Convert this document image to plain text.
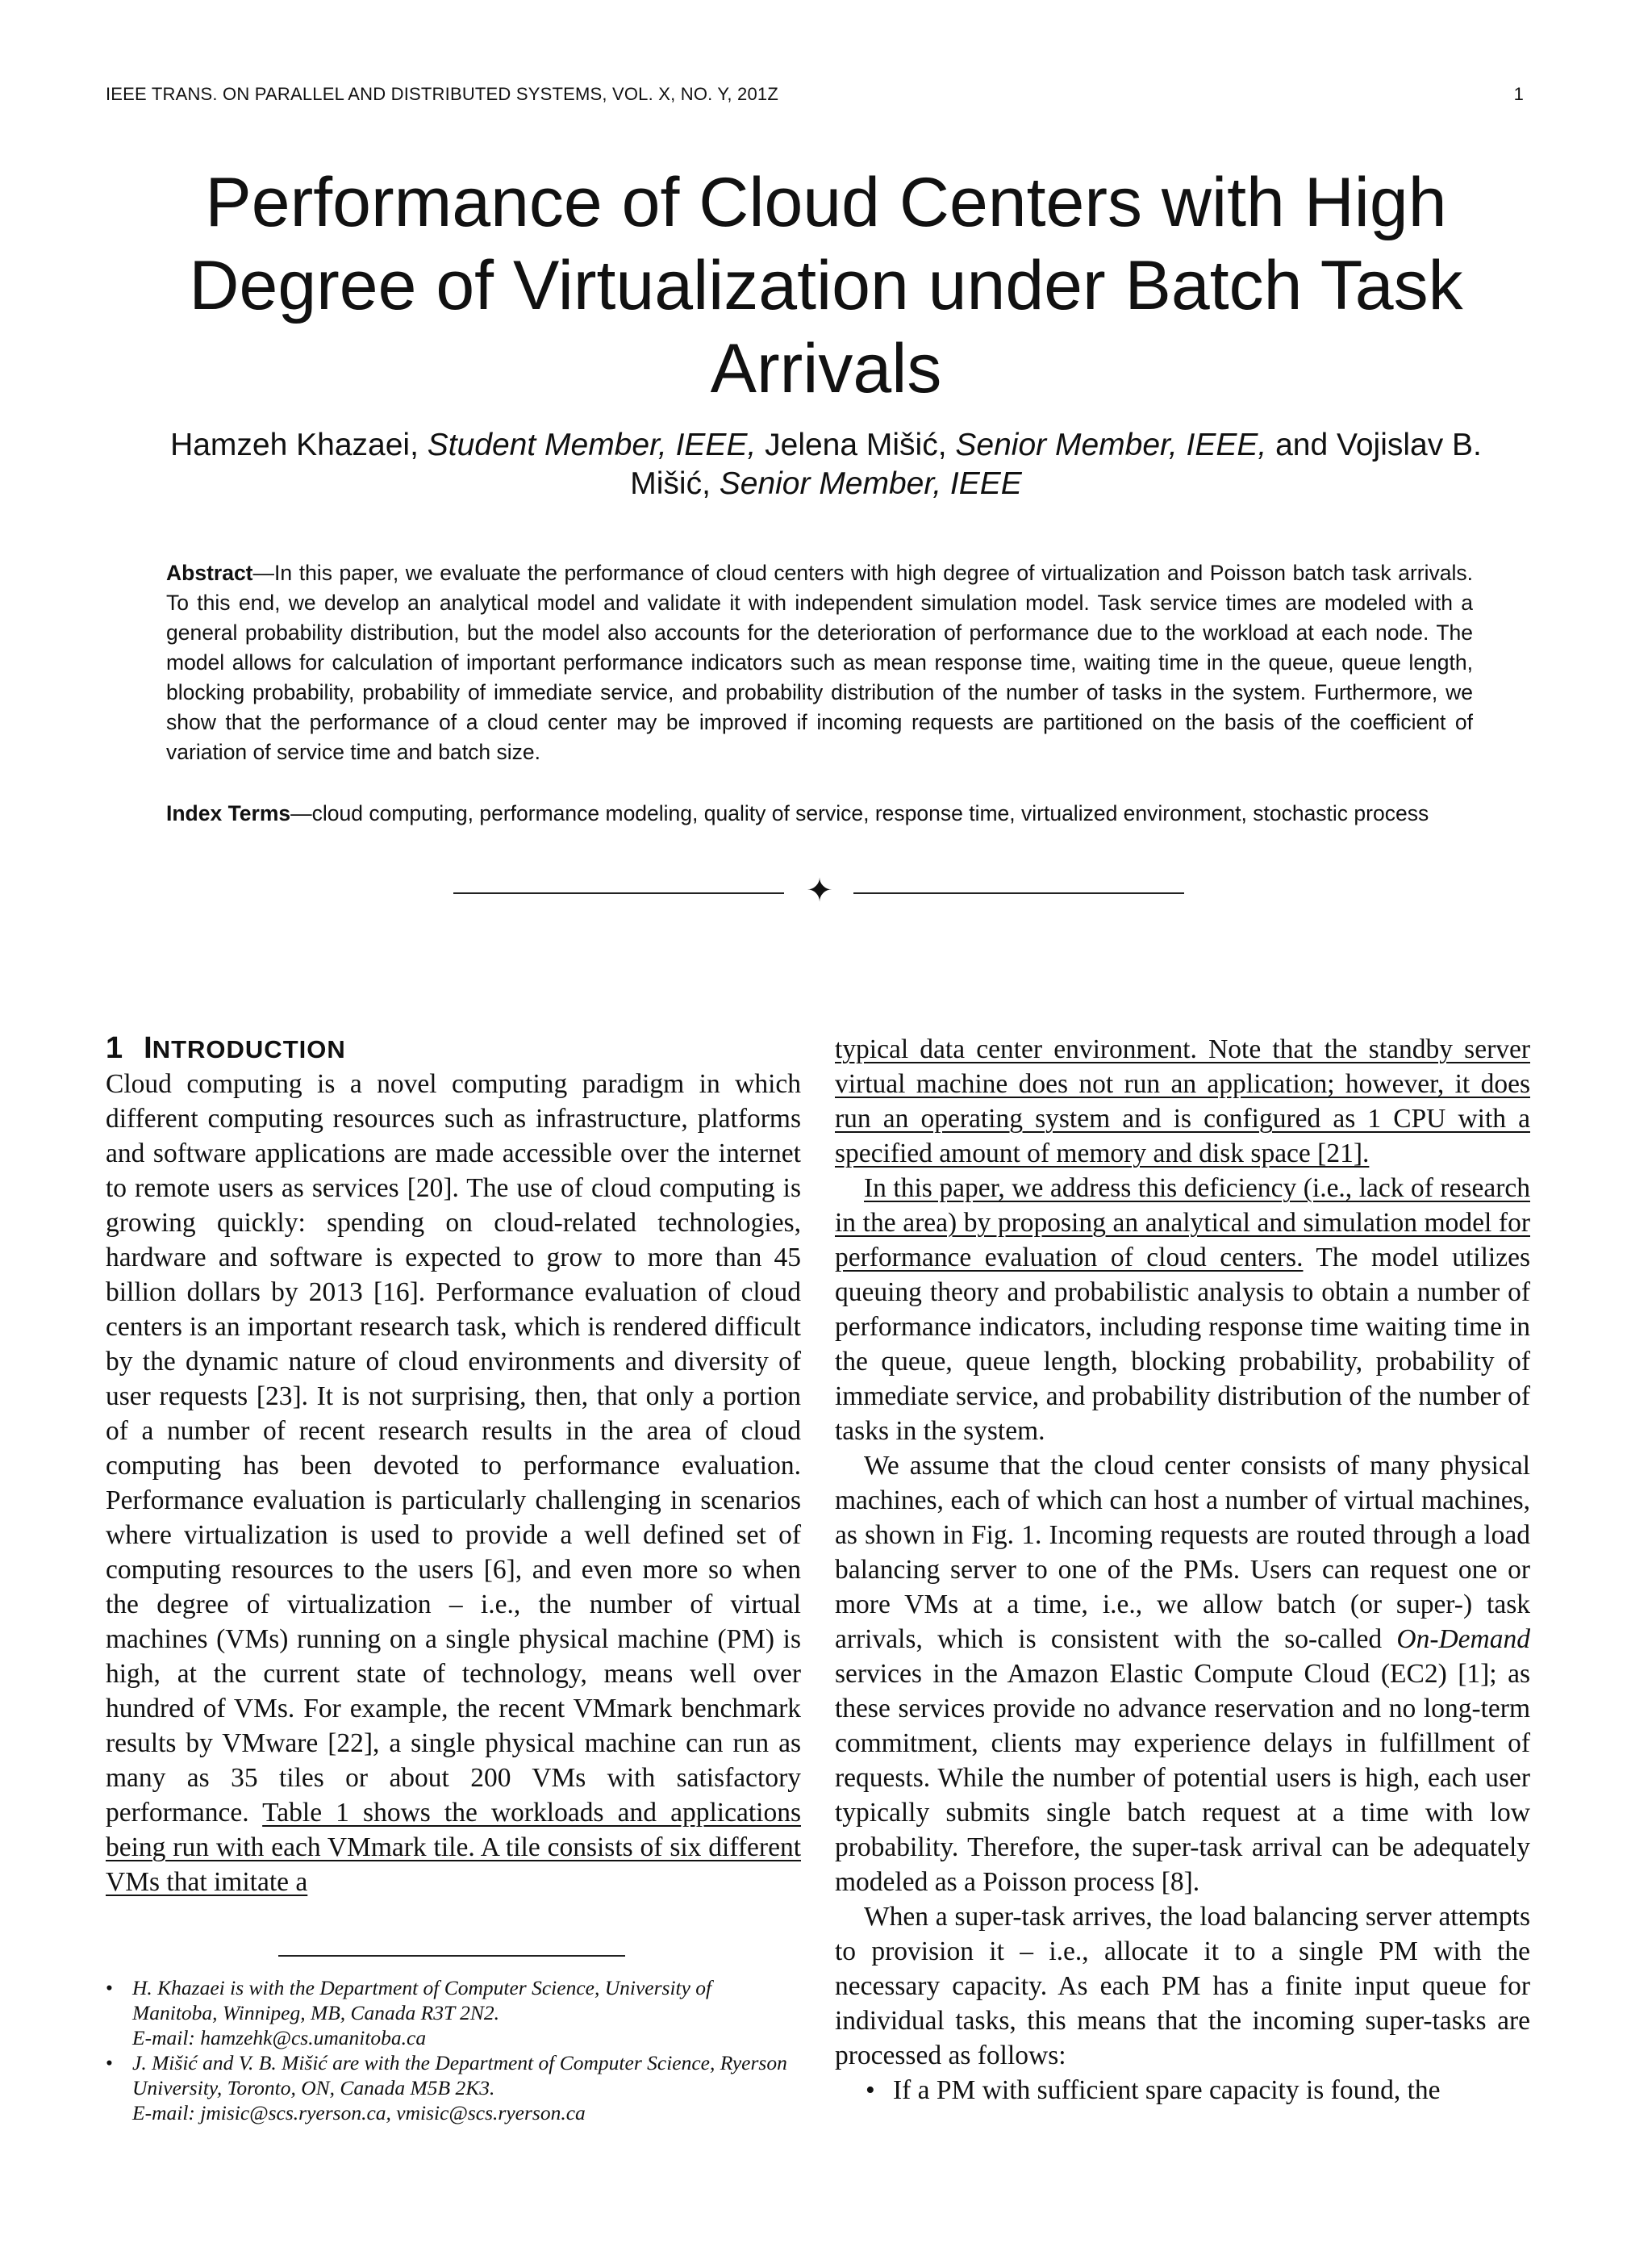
IEEE TRANS. ON PARALLEL AND DISTRIBUTED SYSTEMS, VOL. X, NO. Y, 201Z	1
Performance of Cloud Centers with High
Degree of Virtualization under Batch Task
Arrivals
Hamzeh Khazaei, Student Member, IEEE, Jelena Mišić, Senior Member, IEEE, and Vojislav B. Mišić, Senior Member, IEEE

Abstract—In this paper, we evaluate the performance of cloud centers with high degree of virtualization and Poisson batch task arrivals. To this end, we develop an analytical model and validate it with independent simulation model. Task service times are modeled with a general probability distribution, but the model also accounts for the deterioration of performance due to the workload at each node. The model allows for calculation of important performance indicators such as mean response time, waiting time in the queue, queue length, blocking probability, probability of immediate service, and probability distribution of the number of tasks in the system. Furthermore, we show that the performance of a cloud center may be improved if incoming requests are partitioned on the basis of the coefficient of variation of service time and batch size.

Index Terms—cloud computing, performance modeling, quality of service, response time, virtualized environment, stochastic process

✦
1 INTRODUCTION

Cloud computing is a novel computing paradigm in which different computing resources such as infrastructure, platforms and software applications are made accessible over the internet to remote users as services [20]. The use of cloud computing is growing quickly: spending on cloud-related technologies, hardware and software is expected to grow to more than 45 billion dollars by 2013 [16]. Performance evaluation of cloud centers is an important research task, which is rendered difficult by the dynamic nature of cloud environments and diversity of user requests [23]. It is not surprising, then, that only a portion of a number of recent research results in the area of cloud computing has been devoted to performance evaluation. Performance evaluation is particularly challenging in scenarios where virtualization is used to provide a well defined set of computing resources to the users [6], and even more so when the degree of virtualization – i.e., the number of virtual machines (VMs) running on a single physical machine (PM) is high, at the current state of technology, means well over hundred of VMs. For example, the recent VMmark benchmark results by VMware [22], a single physical machine can run as many as 35 tiles or about 200 VMs with satisfactory performance. Table 1 shows the workloads and applications being run with each VMmark tile. A tile consists of six different VMs that imitate a

typical data center environment. Note that the standby server virtual machine does not run an application; however, it does run an operating system and is configured as 1 CPU with a specified amount of memory and disk space [21].

In this paper, we address this deficiency (i.e., lack of research in the area) by proposing an analytical and simulation model for performance evaluation of cloud centers. The model utilizes queuing theory and probabilistic analysis to obtain a number of performance indicators, including response time waiting time in the queue, queue length, blocking probability, probability of immediate service, and probability distribution of the number of tasks in the system.

We assume that the cloud center consists of many physical machines, each of which can host a number of virtual machines, as shown in Fig. 1. Incoming requests are routed through a load balancing server to one of the PMs. Users can request one or more VMs at a time, i.e., we allow batch (or super-) task arrivals, which is consistent with the so-called On-Demand services in the Amazon Elastic Compute Cloud (EC2) [1]; as these services provide no advance reservation and no long-term commitment, clients may experience delays in fulfillment of requests. While the number of potential users is high, each user typically submits single batch request at a time with low probability. Therefore, the super-task arrival can be adequately modeled as a Poisson process [8].

When a super-task arrives, the load balancing server attempts to provision it – i.e., allocate it to a single PM with the necessary capacity. As each PM has a finite input queue for individual tasks, this means that the incoming super-tasks are processed as follows:

• If a PM with sufficient spare capacity is found, the

• H. Khazaei is with the Department of Computer Science, University of Manitoba, Winnipeg, MB, Canada R3T 2N2.
E-mail: hamzehk@cs.umanitoba.ca

• J. Mišić and V. B. Mišić are with the Department of Computer Science, Ryerson University, Toronto, ON, Canada M5B 2K3.
E-mail: jmisic@scs.ryerson.ca, vmisic@scs.ryerson.ca
